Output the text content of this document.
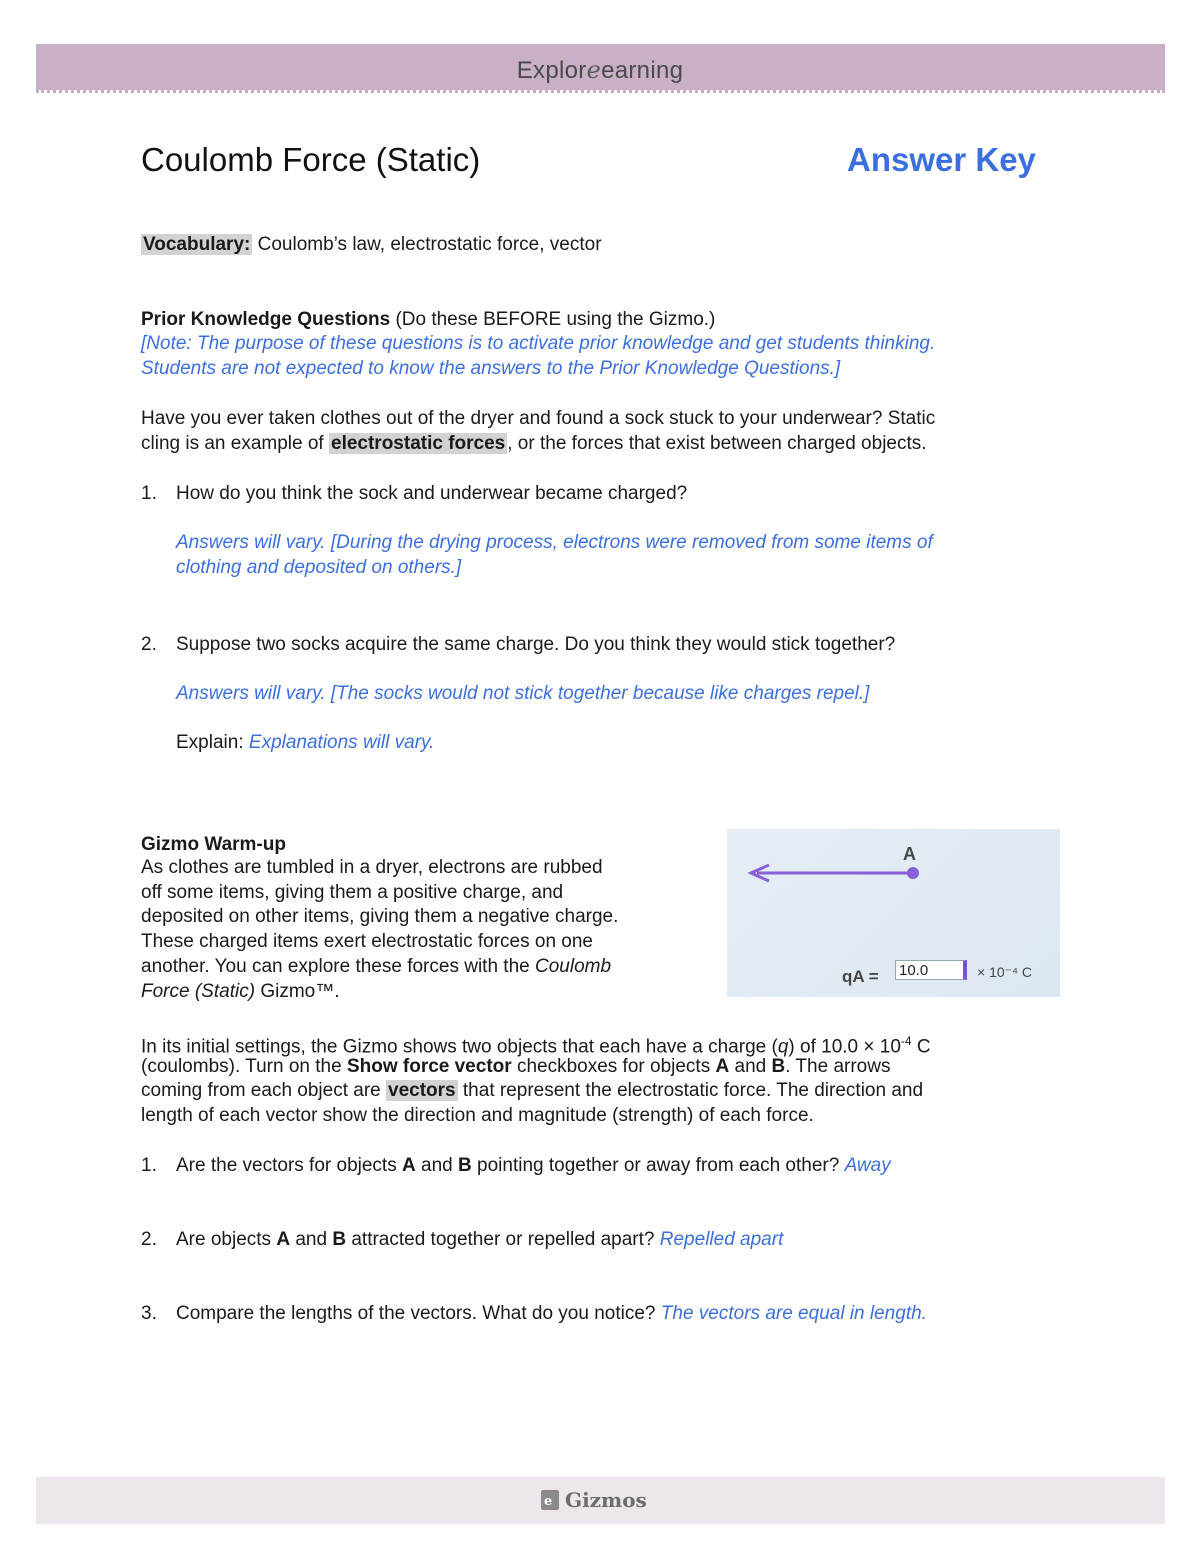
Exploreearning
Coulomb Force (Static)	Answer Key
Vocabulary: Coulomb’s law, electrostatic force, vector
Prior Knowledge Questions (Do these BEFORE using the Gizmo.)
[Note: The purpose of these questions is to activate prior knowledge and get students thinking.
Students are not expected to know the answers to the Prior Knowledge Questions.]
Have you ever taken clothes out of the dryer and found a sock stuck to your underwear? Static
cling is an example of electrostatic forces , or the forces that exist between charged objects.
1. How do you think the sock and underwear became charged?
Answers will vary. [During the drying process, electrons were removed from some items of
clothing and deposited on others.]
2. Suppose two socks acquire the same charge. Do you think they would stick together?
Answers will vary. [The socks would not stick together because like charges repel.]
Explain: Explanations will vary.
Gizmo Warm-up
As clothes are tumbled in a dryer, electrons are rubbed
off some items, giving them a positive charge, and
deposited on other items, giving them a negative charge.
These charged items exert electrostatic forces on one
another. You can explore these forces with the Coulomb
Force (Static) Gizmo™.
A
qA = 10.0	× 10⁻⁴ C
In its initial settings, the Gizmo shows two objects that each have a charge (q) of $10.0 \times 10^{-4}$ C
(coulombs). Turn on the Show force vector checkboxes for objects A and B. The arrows
coming from each object are vectors that represent the electrostatic force. The direction and
length of each vector show the direction and magnitude (strength) of each force.
1. Are the vectors for objects A and B pointing together or away from each other? Away
2. Are objects A and B attracted together or repelled apart? Repelled apart
3. Compare the lengths of the vectors. What do you notice? The vectors are equal in length.
e Gizmos
